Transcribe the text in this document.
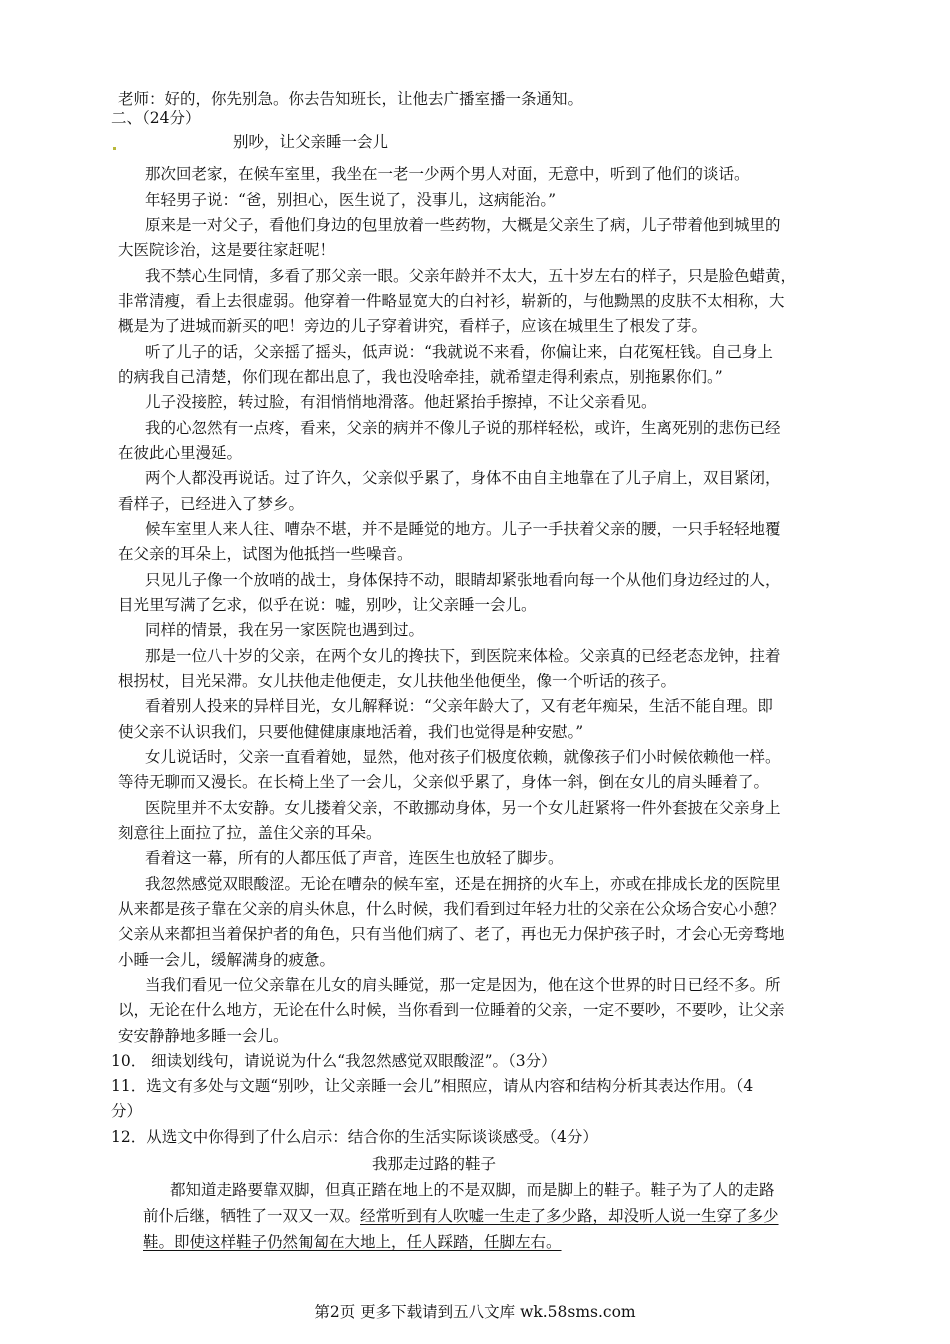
老师：好的，你先别急。你去告知班长，让他去广播室播一条通知。
二、（24分）
别吵，让父亲睡一会儿
那次回老家，在候车室里，我坐在一老一少两个男人对面，无意中，听到了他们的谈话。
年轻男子说：“爸，别担心，医生说了，没事儿，这病能治。”
原来是一对父子，看他们身边的包里放着一些药物，大概是父亲生了病，儿子带着他到城里的
大医院诊治，这是要往家赶呢！
我不禁心生同情，多看了那父亲一眼。父亲年龄并不太大，五十岁左右的样子，只是脸色蜡黄，
非常清瘦，看上去很虚弱。他穿着一件略显宽大的白衬衫，崭新的，与他黝黑的皮肤不太相称，大
概是为了进城而新买的吧！旁边的儿子穿着讲究，看样子，应该在城里生了根发了芽。
听了儿子的话，父亲摇了摇头，低声说：“我就说不来看，你偏让来，白花冤枉钱。自己身上
的病我自己清楚，你们现在都出息了，我也没啥牵挂，就希望走得利索点，别拖累你们。”
儿子没接腔，转过脸，有泪悄悄地滑落。他赶紧抬手擦掉，不让父亲看见。
我的心忽然有一点疼，看来，父亲的病并不像儿子说的那样轻松，或许，生离死别的悲伤已经
在彼此心里漫延。
两个人都没再说话。过了许久，父亲似乎累了，身体不由自主地靠在了儿子肩上，双目紧闭，
看样子，已经进入了梦乡。
候车室里人来人往、嘈杂不堪，并不是睡觉的地方。儿子一手扶着父亲的腰，一只手轻轻地覆
在父亲的耳朵上，试图为他抵挡一些噪音。
只见儿子像一个放哨的战士，身体保持不动，眼睛却紧张地看向每一个从他们身边经过的人，
目光里写满了乞求，似乎在说：嘘，别吵，让父亲睡一会儿。
同样的情景，我在另一家医院也遇到过。
那是一位八十岁的父亲，在两个女儿的搀扶下，到医院来体检。父亲真的已经老态龙钟，拄着
根拐杖，目光呆滞。女儿扶他走他便走，女儿扶他坐他便坐，像一个听话的孩子。
看着别人投来的异样目光，女儿解释说：“父亲年龄大了，又有老年痴呆，生活不能自理。即
使父亲不认识我们，只要他健健康康地活着，我们也觉得是种安慰。”
女儿说话时，父亲一直看着她，显然，他对孩子们极度依赖，就像孩子们小时候依赖他一样。
等待无聊而又漫长。在长椅上坐了一会儿，父亲似乎累了，身体一斜，倒在女儿的肩头睡着了。
医院里并不太安静。女儿搂着父亲，不敢挪动身体，另一个女儿赶紧将一件外套披在父亲身上
刻意往上面拉了拉，盖住父亲的耳朵。
看着这一幕，所有的人都压低了声音，连医生也放轻了脚步。
我忽然感觉双眼酸涩。无论在嘈杂的候车室，还是在拥挤的火车上，亦或在排成长龙的医院里
从来都是孩子靠在父亲的肩头休息，什么时候，我们看到过年轻力壮的父亲在公众场合安心小憩？
父亲从来都担当着保护者的角色，只有当他们病了、老了，再也无力保护孩子时，才会心无旁骛地
小睡一会儿，缓解满身的疲惫。
当我们看见一位父亲靠在儿女的肩头睡觉，那一定是因为，他在这个世界的时日已经不多。所
以，无论在什么地方，无论在什么时候，当你看到一位睡着的父亲，一定不要吵，不要吵，让父亲
安安静静地多睡一会儿。
10． 细读划线句，请说说为什么“我忽然感觉双眼酸涩”。（3分）
11．选文有多处与文题“别吵，让父亲睡一会儿”相照应，请从内容和结构分析其表达作用。（4
分）
12．从选文中你得到了什么启示：结合你的生活实际谈谈感受。（4分）
我那走过路的鞋子
都知道走路要靠双脚，但真正踏在地上的不是双脚，而是脚上的鞋子。鞋子为了人的走路
前仆后继，牺牲了一双又一双。经常听到有人吹嘘一生走了多少路，却没听人说一生穿了多少
鞋。即使这样鞋子仍然匍匐在大地上，任人踩踏，任脚左右。
第2页 更多下载请到五八文库 wk.58sms.com
